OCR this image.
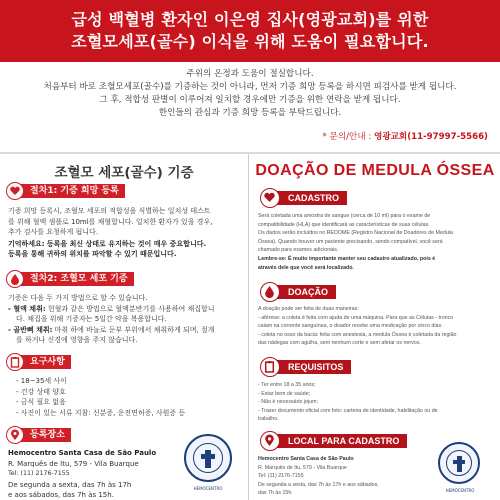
급성 백혈병 환자인 이은영 집사(영광교회)를 위한
조혈모세포(골수) 이식을 위해 도움이 필요합니다.
주위의 온정과 도움이 절실합니다.
처음부터 바로 조혈모세포(골수)를 기증하는 것이 아니라, 먼저 기증 희망 등록을 하시면 피검사를 받게 됩니다.
그 후, 적합성 판별이 이루어져 일치할 경우에만 기증을 위한 연락을 받게 됩니다.
한인들의 관심과 기증 희망 등록을 부탁드립니다.
* 문의/안내 : 영광교회(11-97997-5566)
조혈모 세포(골수) 기증
절차1: 기증 희망 등록
기증 희망 등록시, 조혈모 세포의 적합성을 식별하는 일치성 테스트
를 위해 혈액 샘플로 10ml를 채혈합니다. 일치한 환자가 있을 경우,
추가 검사를 요청하게 됩니다.
기억하세요: 등록을 최신 상태로 유지하는 것이 매우 중요합니다.
등록을 통해 귀하의 위치를 파악할 수 있기 때문입니다.
절차2: 조혈모 세포 기증
기증은 다음 두 가지 방법으로 할 수 있습니다.
- 혈액 채취: 헌혈과 같은 방법으로 혈액분반기를 사용하여 채집합니
다. 채집을 위해 기증자는 5일간 약을 복용합니다.
- 골반뼈 채취: 마취 하에 바늘로 둔부 부위에서 채취하게 되며, 절개
를 하거나 신경에 영향을 주지 않습니다.
요구사항
- 18~35세 사이
- 건강 상태 양호
- 금식 필요 없음
- 사진이 있는 서류 지참: 신분증, 운전면허증, 사원증 등
등록장소
Hemocentro Santa Casa de São Paulo
R. Marquês de Itu, 579 - Vila Buarque
Tel: (11) 2176-7155
De segunda a sexta, das 7h às 17h
e aos sábados, das 7h às 15h.
HEMOCENTRO
DOAÇÃO DE MEDULA ÓSSEA
CADASTRO
Será coletada uma amostra de sangue (cerca de 10 ml) para o exame de
compatibilidade (HLA) que identificará as características de suas células.
Os dados serão incluídos no REDOME (Registro Nacional de Doadores de Medula
Óssea). Quando houver um paciente precisando, sendo compatível, você será
chamado para exames adicionais.
Lembre-se: É muito importante manter seu cadastro atualizado, pois é
através dele que você será localizado.
DOAÇÃO
A doação pode ser feita de duas maneiras:
- aférese: a coleta é feita com ajuda de uma máquina. Para que as Células - tronco
caiam na corrente sanguínea, o doador recebe uma medicação por cinco dias.
- coleta no osso da bacia: feita com anestesia, a medula Óssea é coletada da região
das nádegas com agulha, sem nenhum corte e sem afetar os nervos.
REQUISITOS
- Ter entre 18 a 35 anos;
- Estar bem de saúde;
- Não é necessário jejum;
- Trazer documento oficial com foto: carteira de identidade, habilitação ou de
trabalho.
LOCAL PARA CADASTRO
Hemocentro Santa Casa de São Paulo
R. Marquês de Itu, 579 - Vila Buarque
Tel: (11) 2176-7155
De segunda a sexta, das 7h às 17h e aos sábados,
das 7h às 15h.	HEMOCENTRO
